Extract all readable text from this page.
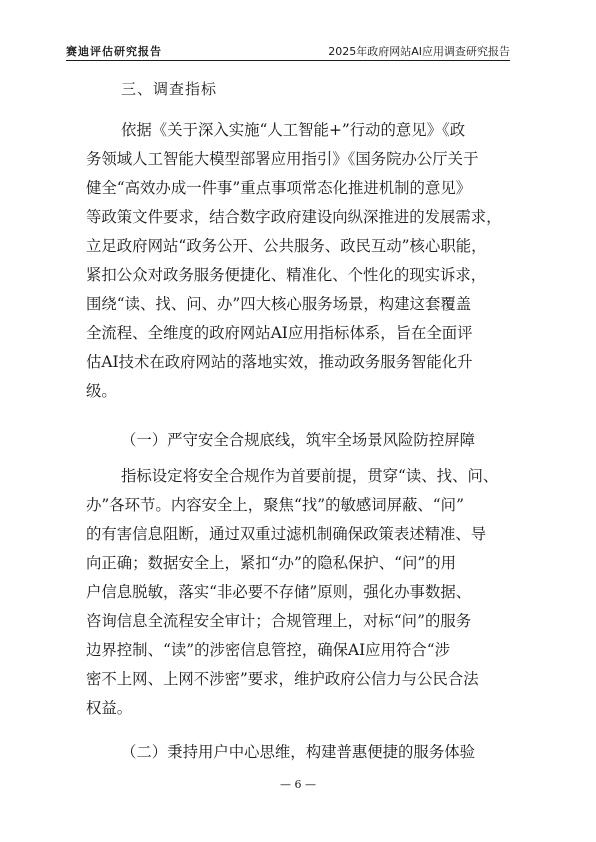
赛迪评估研究报告	2025年政府网站AI应用调查研究报告
三、调查指标
依据《关于深入实施“人工智能+”行动的意见》《政
务领域人工智能大模型部署应用指引》《国务院办公厅关于
健全“高效办成一件事”重点事项常态化推进机制的意见》
等政策文件要求，结合数字政府建设向纵深推进的发展需求，
立足政府网站“政务公开、公共服务、政民互动”核心职能，
紧扣公众对政务服务便捷化、精准化、个性化的现实诉求，
围绕“读、找、问、办”四大核心服务场景，构建这套覆盖
全流程、全维度的政府网站AI应用指标体系，旨在全面评
估AI技术在政府网站的落地实效，推动政务服务智能化升
级。
（一）严守安全合规底线，筑牢全场景风险防控屏障
指标设定将安全合规作为首要前提，贯穿“读、找、问、
办”各环节。内容安全上，聚焦“找”的敏感词屏蔽、“问”
的有害信息阻断，通过双重过滤机制确保政策表述精准、导
向正确；数据安全上，紧扣“办”的隐私保护、“问”的用
户信息脱敏，落实“非必要不存储”原则，强化办事数据、
咨询信息全流程安全审计；合规管理上，对标“问”的服务
边界控制、“读”的涉密信息管控，确保AI应用符合“涉
密不上网、上网不涉密”要求，维护政府公信力与公民合法
权益。
（二）秉持用户中心思维，构建普惠便捷的服务体验
— 6 —
